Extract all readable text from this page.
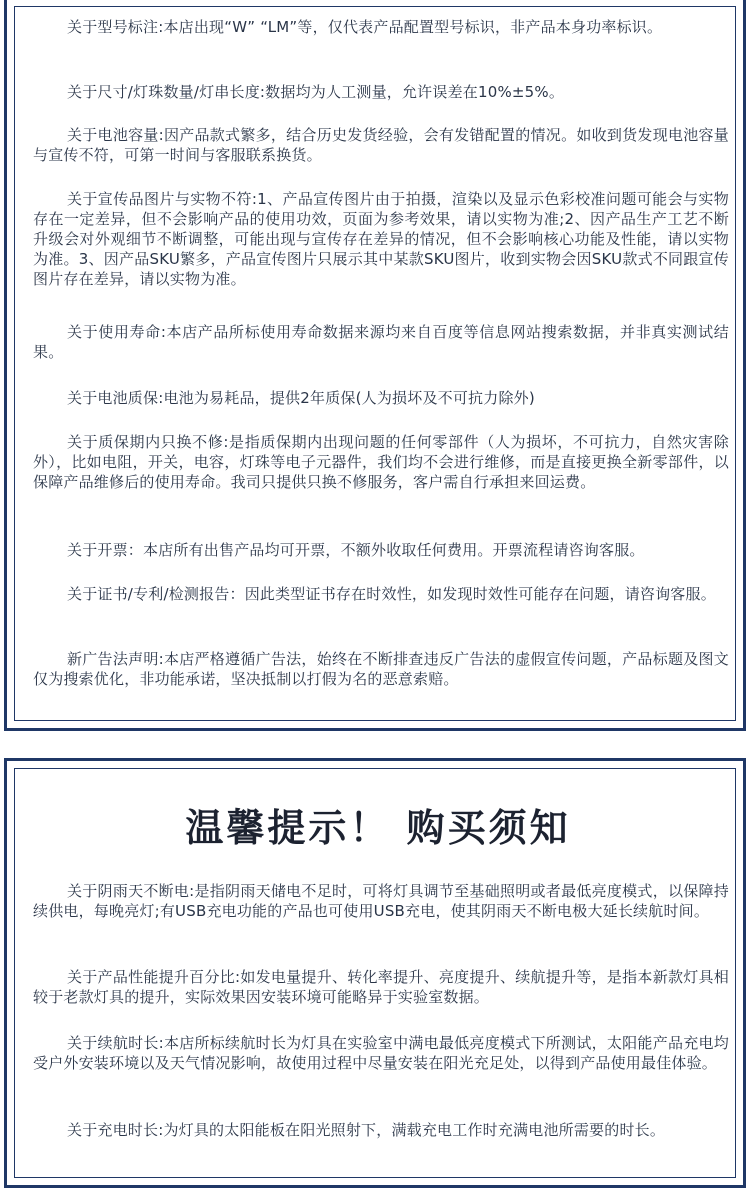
关于型号标注:本店出现“W” “LM”等，仅代表产品配置型号标识，非产品本身功率标识。

关于尺寸/灯珠数量/灯串长度:数据均为人工测量，允许误差在10%±5%。

关于电池容量:因产品款式繁多，结合历史发货经验，会有发错配置的情况。如收到货发现电池容量与宣传不符，可第一时间与客服联系换货。

关于宣传品图片与实物不符:1、产品宣传图片由于拍摄，渲染以及显示色彩校准问题可能会与实物存在一定差异，但不会影响产品的使用功效，页面为参考效果，请以实物为准;2、因产品生产工艺不断升级会对外观细节不断调整，可能出现与宣传存在差异的情况，但不会影响核心功能及性能，请以实物为准。3、因产品SKU繁多，产品宣传图片只展示其中某款SKU图片，收到实物会因SKU款式不同跟宣传图片存在差异，请以实物为准。

关于使用寿命:本店产品所标使用寿命数据来源均来自百度等信息网站搜索数据，并非真实测试结果。

关于电池质保:电池为易耗品，提供2年质保(人为损坏及不可抗力除外)

关于质保期内只换不修:是指质保期内出现问题的任何零部件（人为损坏，不可抗力，自然灾害除外），比如电阻，开关，电容，灯珠等电子元器件，我们均不会进行维修，而是直接更换全新零部件，以保障产品维修后的使用寿命。我司只提供只换不修服务，客户需自行承担来回运费。

关于开票：本店所有出售产品均可开票，不额外收取任何费用。开票流程请咨询客服。

关于证书/专利/检测报告：因此类型证书存在时效性，如发现时效性可能存在问题，请咨询客服。

新广告法声明:本店严格遵循广告法，始终在不断排查违反广告法的虚假宣传问题，产品标题及图文仅为搜索优化，非功能承诺，坚决抵制以打假为名的恶意索赔。

温馨提示！ 购买须知

关于阴雨天不断电:是指阴雨天储电不足时，可将灯具调节至基础照明或者最低亮度模式，以保障持续供电，每晚亮灯;有USB充电功能的产品也可使用USB充电，使其阴雨天不断电极大延长续航时间。

关于产品性能提升百分比:如发电量提升、转化率提升、亮度提升、续航提升等，是指本新款灯具相较于老款灯具的提升，实际效果因安装环境可能略异于实验室数据。

关于续航时长:本店所标续航时长为灯具在实验室中满电最低亮度模式下所测试，太阳能产品充电均受户外安装环境以及天气情况影响，故使用过程中尽量安装在阳光充足处，以得到产品使用最佳体验。

关于充电时长:为灯具的太阳能板在阳光照射下，满载充电工作时充满电池所需要的时长。
